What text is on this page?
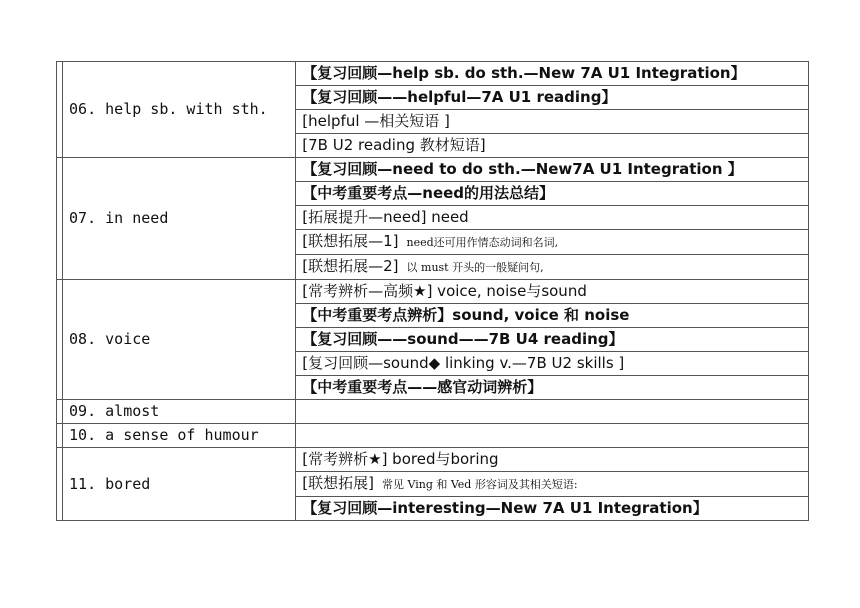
	06. help sb. with sth.	【复习回顾—help sb. do sth.—New 7A U1 Integration】
		【复习回顾——helpful—7A U1 reading】
		[helpful —相关短语 ]
		[7B U2 reading 教材短语]
	07. in need	【复习回顾—need to do sth.—New7A U1 Integration 】
		【中考重要考点—need的用法总结】
		[拓展提升—need] need
		[联想拓展—1] need还可用作情态动词和名词,
		[联想拓展—2] 以 must 开头的一般疑问句,
	08. voice	[常考辨析—高频★] voice, noise与sound
		【中考重要考点辨析】sound, voice 和 noise
		【复习回顾——sound——7B U4 reading】
		[复习回顾—sound◆ linking v.—7B U2 skills ]
		【中考重要考点——感官动词辨析】
	09. almost	
	10. a sense of humour	
	11. bored	[常考辨析★] bored与boring
		[联想拓展] 常见 Ving 和 Ved 形容词及其相关短语:
		【复习回顾—interesting—New 7A U1 Integration】
